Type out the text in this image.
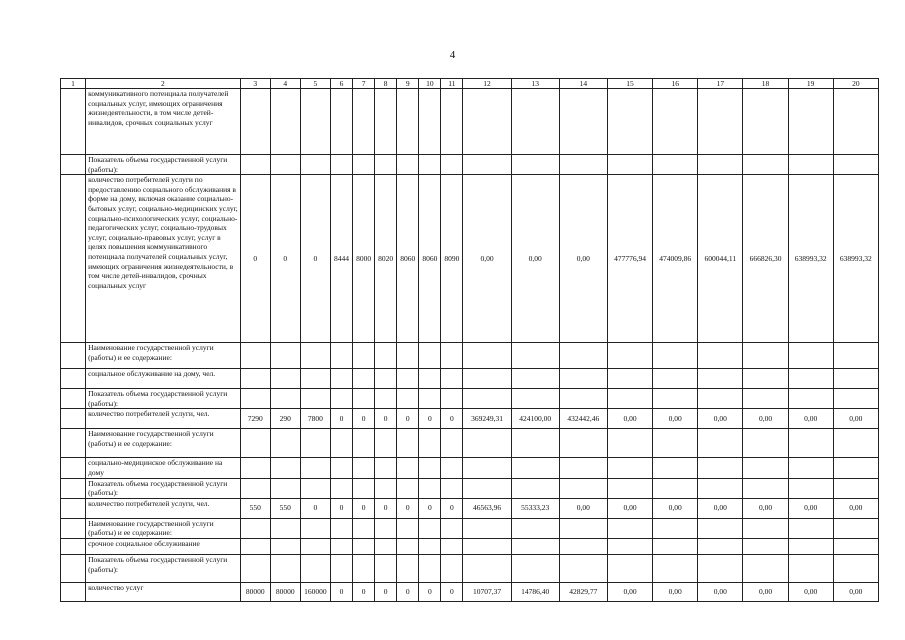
4
1	2	3	4	5	6	7	8	9	10	11	12	13	14	15	16	17	18	19	20
	коммуникативного потенциала получателей социальных услуг, имеющих ограничения жизнедеятельности, в том числе детей-инвалидов, срочных социальных услуг																		
	Показатель объема государственной услуги (работы):																		
	количество потребителей услуги по предоставлению социального обслуживания в форме на дому, включая оказание социально-бытовых услуг, социально-медицинских услуг, социально-психологических услуг, социально-педагогических услуг, социально-трудовых услуг, социально-правовых услуг, услуг в целях повышения коммуникативного потенциала получателей социальных услуг, имеющих ограничения жизнедеятельности, в том числе детей-инвалидов, срочных социальных услуг	0	0	0	8444	8000	8020	8060	8060	8090	0,00	0,00	0,00	477776,94	474009,86	600044,11	666826,30	638993,32	638993,32
	Наименование государственной услуги (работы) и ее содержание:																		
	социальное обслуживание на дому, чел.																		
	Показатель объема государственной услуги (работы):																		
	количество потребителей услуги, чел.	7290	290	7800	0	0	0	0	0	0	369249,31	424100,00	432442,46	0,00	0,00	0,00	0,00	0,00	0,00
	Наименование государственной услуги (работы) и ее содержание:																		
	социально-медицинское обслуживание на дому																		
	Показатель объема государственной услуги (работы):																		
	количество потребителей услуги, чел.	550	550	0	0	0	0	0	0	0	46563,96	55333,23	0,00	0,00	0,00	0,00	0,00	0,00	0,00
	Наименование государственной услуги (работы) и ее содержание:																		
	срочное социальное обслуживание																		
	Показатель объема государственной услуги (работы):																		
	количество услуг	80000	80000	160000	0	0	0	0	0	0	10707,37	14786,40	42829,77	0,00	0,00	0,00	0,00	0,00	0,00
